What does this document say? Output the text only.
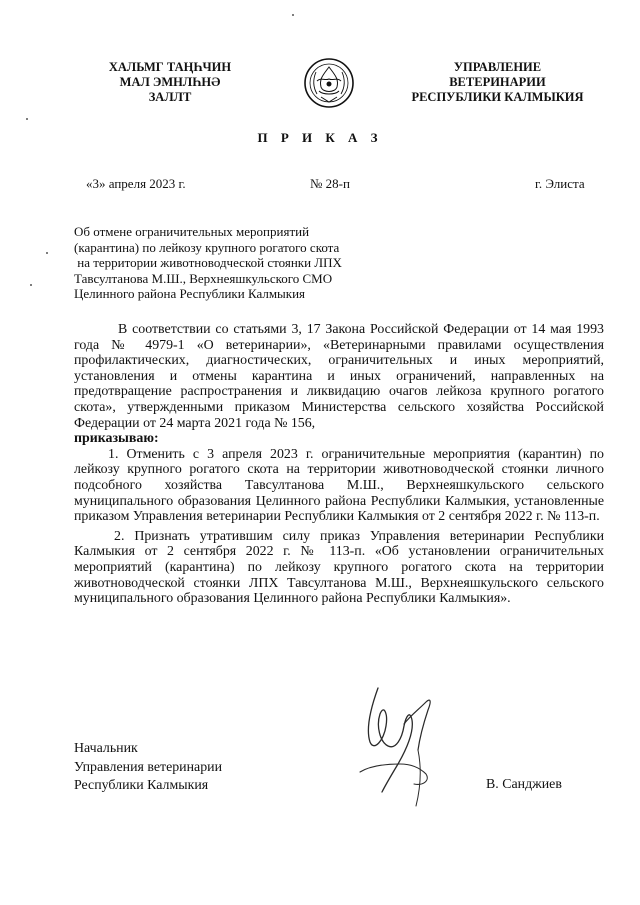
ХАЛЬМГ ТАҢҺЧИН
МАЛ ЭМНЛҺНӘ
ЗАЛЛТ
УПРАВЛЕНИЕ
ВЕТЕРИНАРИИ
РЕСПУБЛИКИ КАЛМЫКИЯ
П Р И К А З
«3» апреля 2023 г.	№ 28-п	г. Элиста
Об отмене ограничительных мероприятий
(карантина) по лейкозу крупного рогатого скота
на территории животноводческой стоянки ЛПХ
Тавсултанова М.Ш., Верхнеяшкульского СМО
Целинного района Республики Калмыкия

В соответствии со статьями 3, 17 Закона Российской Федерации от 14 мая 1993 года № 4979-1 «О ветеринарии», «Ветеринарными правилами осуществления профилактических, диагностических, ограничительных и иных мероприятий, установления и отмены карантина и иных ограничений, направленных на предотвращение распространения и ликвидацию очагов лейкоза крупного рогатого скота», утвержденными приказом Министерства сельского хозяйства Российской Федерации от 24 марта 2021 года № 156,
приказываю:

1. Отменить с 3 апреля 2023 г. ограничительные мероприятия (карантин) по лейкозу крупного рогатого скота на территории животноводческой стоянки личного подсобного хозяйства Тавсултанова М.Ш., Верхнеяшкульского сельского муниципального образования Целинного района Республики Калмыкия, установленные приказом Управления ветеринарии Республики Калмыкия от 2 сентября 2022 г. № 113-п.

2. Признать утратившим силу приказ Управления ветеринарии Республики Калмыкия от 2 сентября 2022 г. № 113-п. «Об установлении ограничительных мероприятий (карантина) по лейкозу крупного рогатого скота на территории животноводческой стоянки ЛПХ Тавсултанова М.Ш., Верхнеяшкульского сельского муниципального образования Целинного района Республики Калмыкия».

Начальник
Управления ветеринарии
Республики Калмыкия	В. Санджиев
